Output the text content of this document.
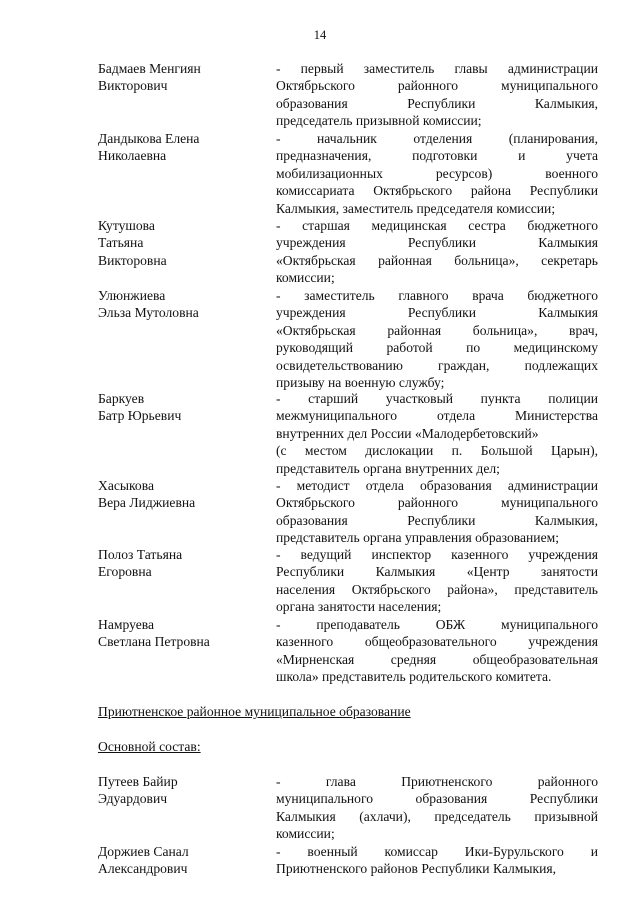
14
Бадмаев Менгиян
Викторович
- первый заместитель главы администрации
Октябрьского районного муниципального
образования Республики Калмыкия,
председатель призывной комиссии;
Дандыкова Елена
Николаевна
- начальник отделения (планирования,
предназначения, подготовки и учета
мобилизационных ресурсов) военного
комиссариата Октябрьского района Республики
Калмыкия, заместитель председателя комиссии;
Кутушова
Татьяна
Викторовна
- старшая медицинская сестра бюджетного
учреждения Республики Калмыкия
«Октябрьская районная больница», секретарь
комиссии;
Улюнжиева
Эльза Мутоловна
- заместитель главного врача бюджетного
учреждения Республики Калмыкия
«Октябрьская районная больница», врач,
руководящий работой по медицинскому
освидетельствованию граждан, подлежащих
призыву на военную службу;
Баркуев
Батр Юрьевич
- старший участковый пункта полиции
межмуниципального отдела Министерства
внутренних дел России «Малодербетовский»
(с местом дислокации п. Большой Царын),
представитель органа внутренних дел;
Хасыкова
Вера Лиджиевна
- методист отдела образования администрации
Октябрьского районного муниципального
образования Республики Калмыкия,
представитель органа управления образованием;
Полоз Татьяна
Егоровна
- ведущий инспектор казенного учреждения
Республики Калмыкия «Центр занятости
населения Октябрьского района», представитель
органа занятости населения;
Намруева
Светлана Петровна
- преподаватель ОБЖ муниципального
казенного общеобразовательного учреждения
«Мирненская средняя общеобразовательная
школа» представитель родительского комитета.
Приютненское районное муниципальное образование
Основной состав:
Путеев Байир
Эдуардович
- глава Приютненского районного
муниципального образования Республики
Калмыкия (ахлачи), председатель призывной
комиссии;
Доржиев Санал
Александрович
- военный комиссар Ики-Бурульского и
Приютненского районов Республики Калмыкия,
